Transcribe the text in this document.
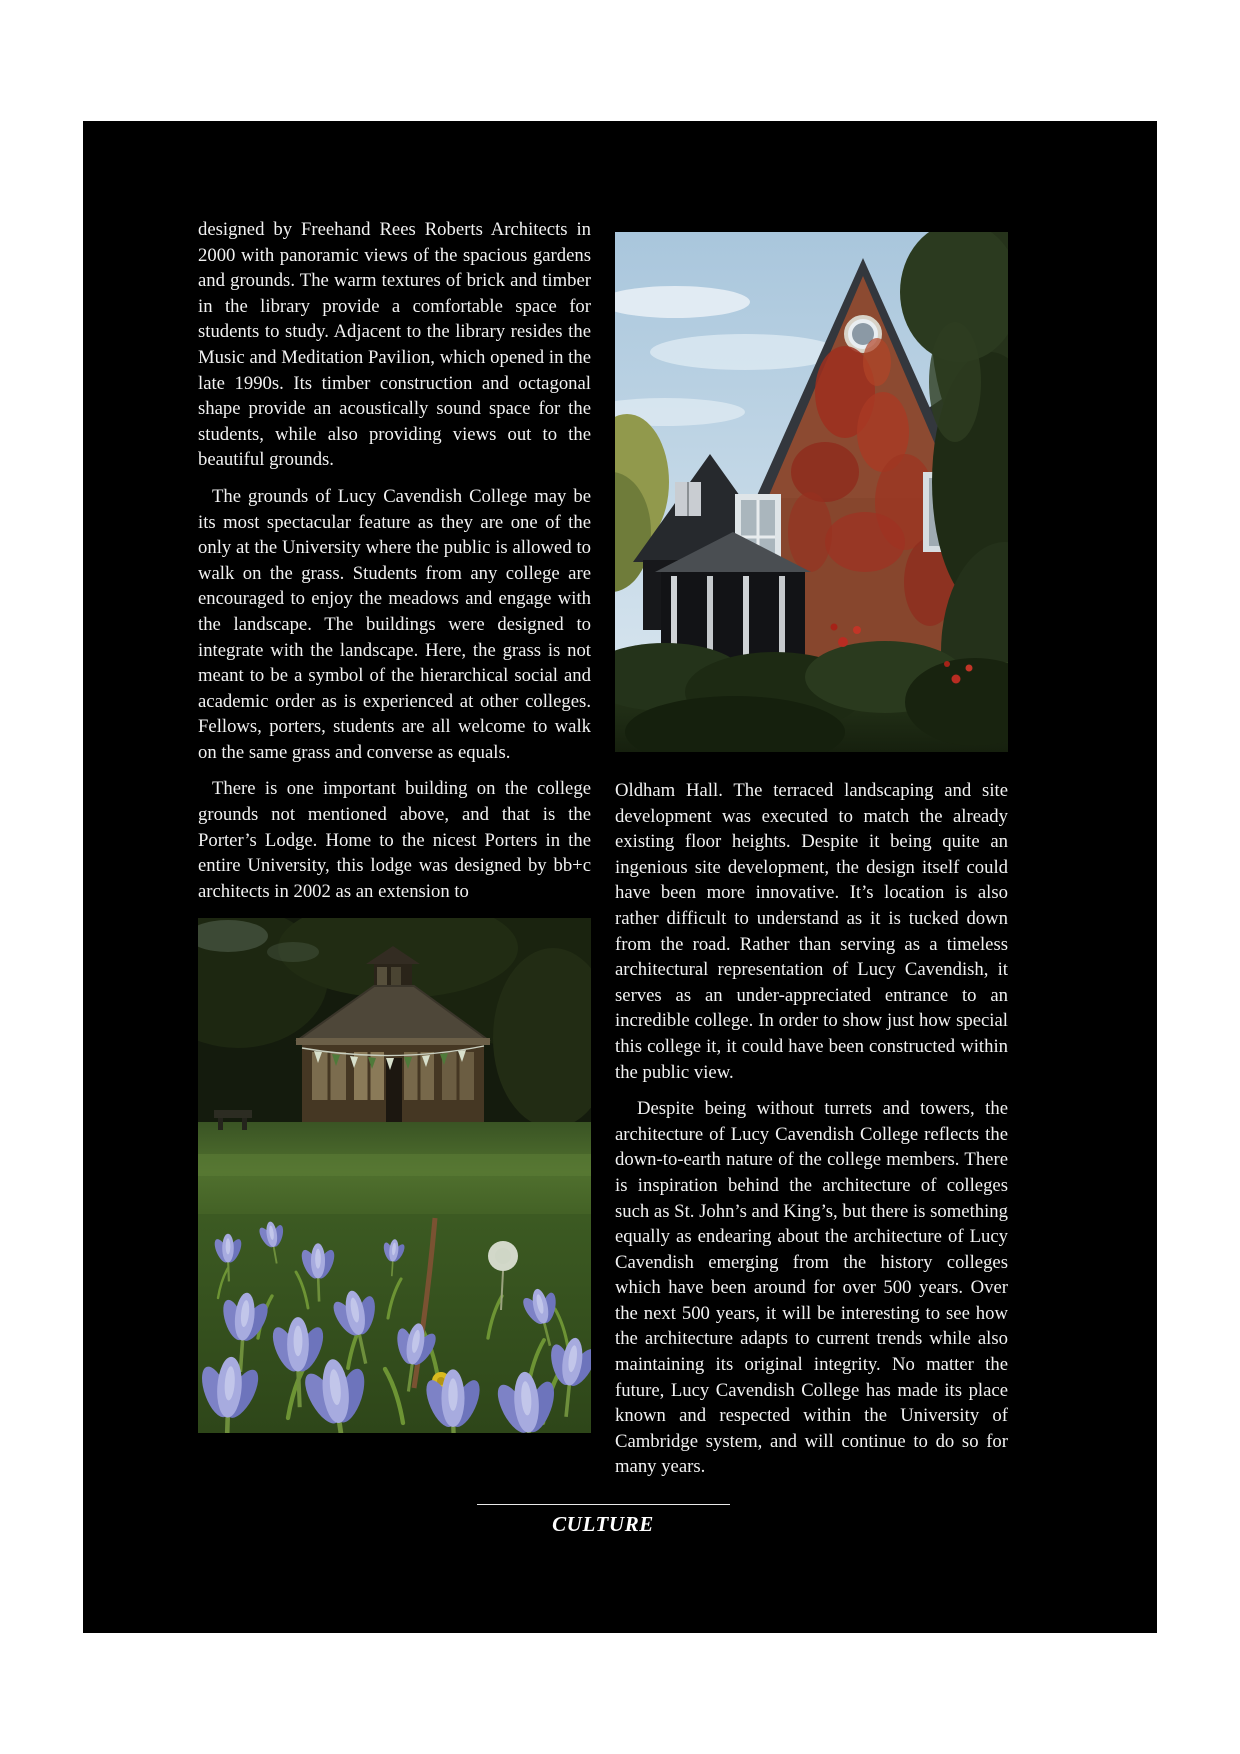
designed by Freehand Rees Roberts Architects in 2000 with panoramic views of the spacious gardens and grounds. The warm textures of brick and timber in the library provide a comfortable space for students to study. Adjacent to the library resides the Music and Meditation Pavilion, which opened in the late 1990s. Its timber construction and octagonal shape provide an acoustically sound space for the students, while also providing views out to the beautiful grounds.

The grounds of Lucy Cavendish College may be its most spectacular feature as they are one of the only at the University where the public is allowed to walk on the grass. Students from any college are encouraged to enjoy the meadows and engage with the landscape. The buildings were designed to integrate with the landscape. Here, the grass is not meant to be a symbol of the hierarchical social and academic order as is experienced at other colleges. Fellows, porters, students are all welcome to walk on the same grass and converse as equals.

There is one important building on the college grounds not mentioned above, and that is the Porter’s Lodge. Home to the nicest Porters in the entire University, this lodge was designed by bb+c architects in 2002 as an extension to

Oldham Hall. The terraced landscaping and site development was executed to match the already existing floor heights. Despite it being quite an ingenious site development, the design itself could have been more innovative. It’s location is also rather difficult to understand as it is tucked down from the road. Rather than serving as a timeless architectural representation of Lucy Cavendish, it serves as an under-appreciated entrance to an incredible college. In order to show just how special this college it, it could have been constructed within the public view.

Despite being without turrets and towers, the architecture of Lucy Cavendish College reflects the down-to-earth nature of the college members. There is inspiration behind the architecture of colleges such as St. John’s and King’s, but there is something equally as endearing about the architecture of Lucy Cavendish emerging from the history colleges which have been around for over 500 years. Over the next 500 years, it will be interesting to see how the architecture adapts to current trends while also maintaining its original integrity. No matter the future, Lucy Cavendish College has made its place known and respected within the University of Cambridge system, and will continue to do so for many years.

CULTURE
